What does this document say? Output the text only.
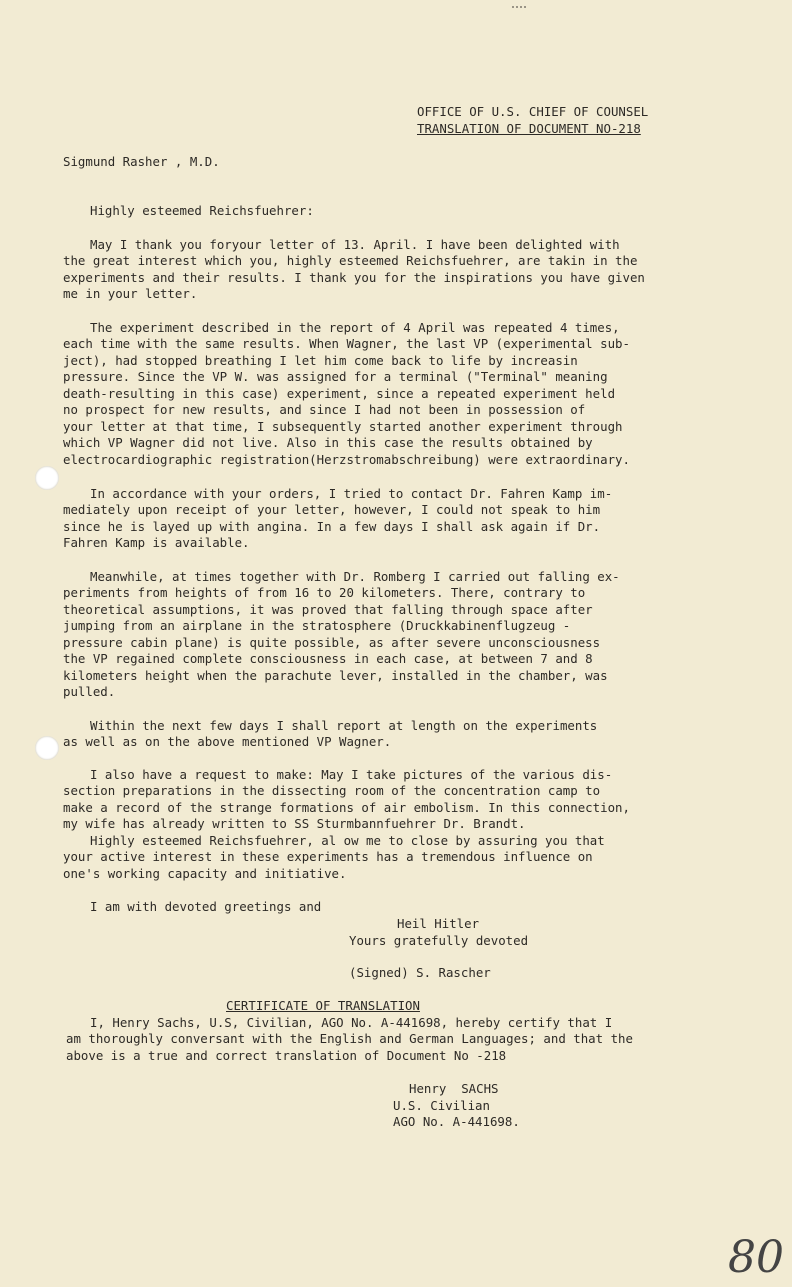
OFFICE OF U.S. CHIEF OF COUNSEL
TRANSLATION OF DOCUMENT NO-218
Sigmund Rasher , M.D.
Highly esteemed Reichsfuehrer:
May I thank you foryour letter of 13. April. I have been delighted with
the great interest which you, highly esteemed Reichsfuehrer, are takin in the
experiments and their results. I thank you for the inspirations you have given
me in your letter.
The experiment described in the report of 4 April was repeated 4 times,
each time with the same results. When Wagner, the last VP (experimental sub-
ject), had stopped breathing I let him come back to life by increasin
pressure. Since the VP W. was assigned for a terminal ("Terminal" meaning
death-resulting in this case) experiment, since a repeated experiment held
no prospect for new results, and since I had not been in possession of
your letter at that time, I subsequently started another experiment through
which VP Wagner did not live. Also in this case the results obtained by
electrocardiographic registration(Herzstromabschreibung) were extraordinary.
In accordance with your orders, I tried to contact Dr. Fahren Kamp im-
mediately upon receipt of your letter, however, I could not speak to him
since he is layed up with angina. In a few days I shall ask again if Dr.
Fahren Kamp is available.
Meanwhile, at times together with Dr. Romberg I carried out falling ex-
periments from heights of from 16 to 20 kilometers. There, contrary to
theoretical assumptions, it was proved that falling through space after
jumping from an airplane in the stratosphere (Druckkabinenflugzeug -
pressure cabin plane) is quite possible, as after severe unconsciousness
the VP regained complete consciousness in each case, at between 7 and 8
kilometers height when the parachute lever, installed in the chamber, was
pulled.
Within the next few days I shall report at length on the experiments
as well as on the above mentioned VP Wagner.
I also have a request to make: May I take pictures of the various dis-
section preparations in the dissecting room of the concentration camp to
make a record of the strange formations of air embolism. In this connection,
my wife has already written to SS Sturmbannfuehrer Dr. Brandt.
Highly esteemed Reichsfuehrer, al ow me to close by assuring you that
your active interest in these experiments has a tremendous influence on
one's working capacity and initiative.
I am with devoted greetings and
Heil Hitler
Yours gratefully devoted
(Signed) S. Rascher
CERTIFICATE OF TRANSLATION
I, Henry Sachs, U.S, Civilian, AGO No. A-441698, hereby certify that I
am thoroughly conversant with the English and German Languages; and that the
above is a true and correct translation of Document No -218
Henry  SACHS
U.S. Civilian
AGO No. A-441698.
80
